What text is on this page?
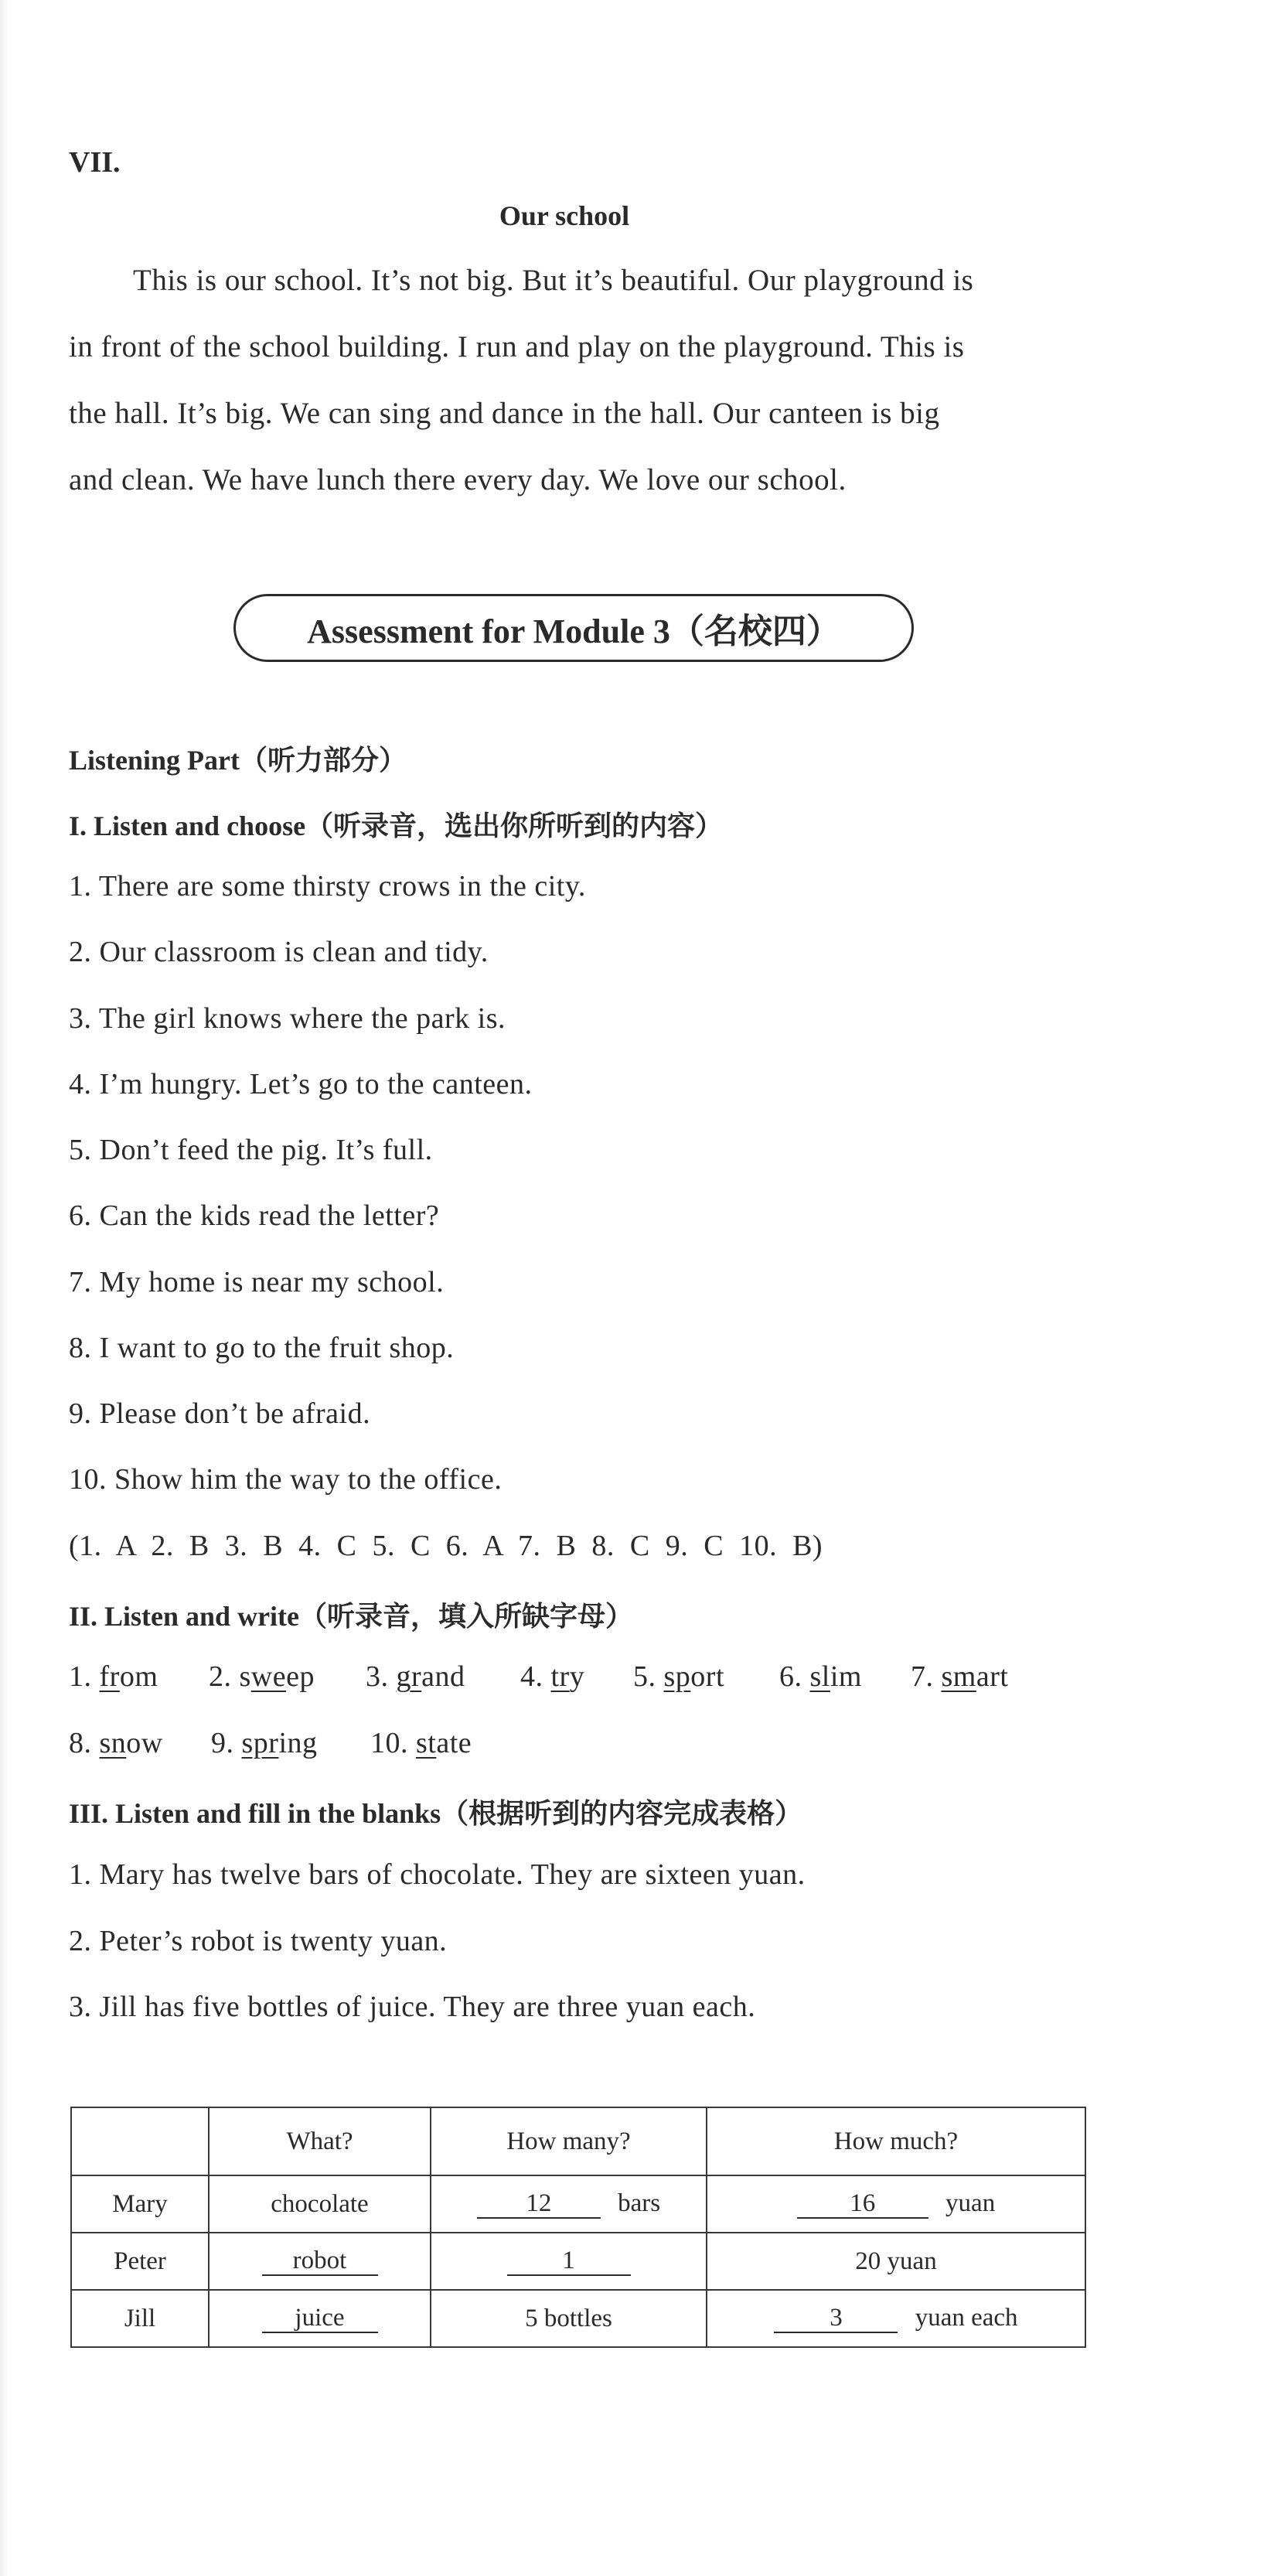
VII.
Our school
This is our school. It’s not big. But it’s beautiful. Our playground is
in front of the school building. I run and play on the playground. This is
the hall. It’s big. We can sing and dance in the hall. Our canteen is big
and clean. We have lunch there every day. We love our school.
Assessment for Module 3（名校四）
Listening Part（听力部分）
I. Listen and choose（听录音，选出你所听到的内容）
1. There are some thirsty crows in the city.
2. Our classroom is clean and tidy.
3. The girl knows where the park is.
4. I’m hungry. Let’s go to the canteen.
5. Don’t feed the pig. It’s full.
6. Can the kids read the letter?
7. My home is near my school.
8. I want to go to the fruit shop.
9. Please don’t be afraid.
10. Show him the way to the office.
(1. A 2. B 3. B 4. C 5. C 6. A 7. B 8. C 9. C 10. B)
II. Listen and write（听录音，填入所缺字母）
1. from 2. sweep 3. grand 4. try 5. sport 6. slim 7. smart
8. snow 9. spring 10. state
III. Listen and fill in the blanks（根据听到的内容完成表格）
1. Mary has twelve bars of chocolate. They are sixteen yuan.
2. Peter’s robot is twenty yuan.
3. Jill has five bottles of juice. They are three yuan each.
	What?	How many?	How much?
Mary	chocolate	12 bars	16 yuan
Peter	robot	1	20 yuan
Jill	juice	5 bottles	3 yuan each
